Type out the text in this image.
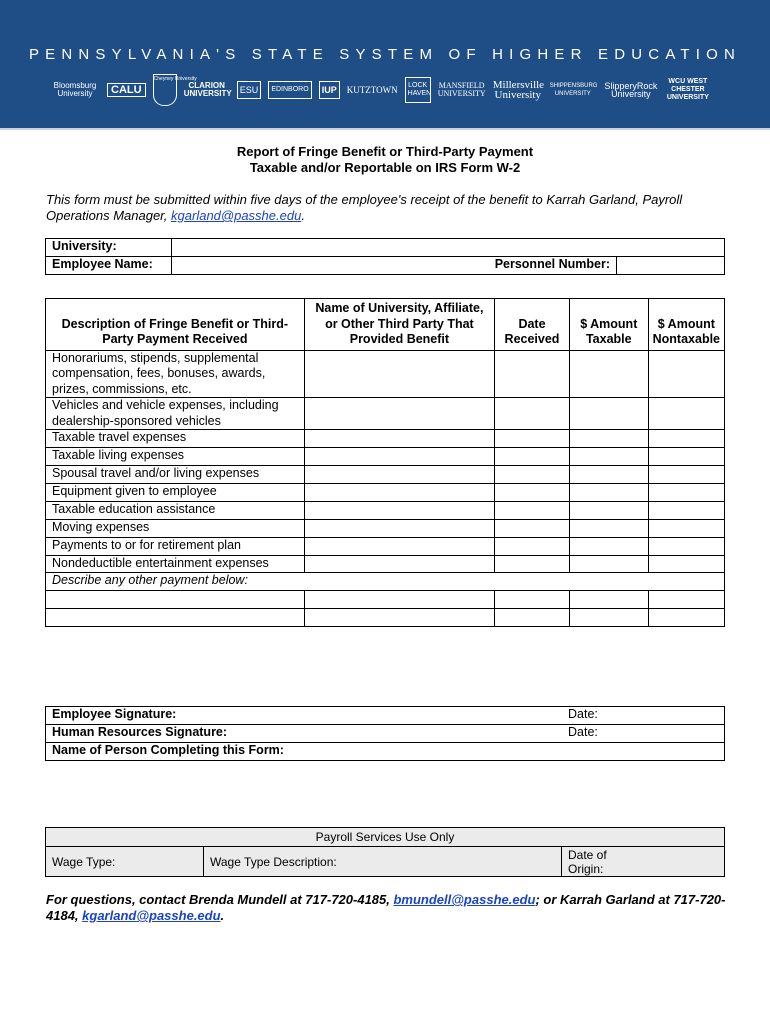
PENNSYLVANIA'S STATE SYSTEM OF HIGHER EDUCATION
Bloomsburg University	CALU
Cheyney University
CLARION UNIVERSITY ESU	EDINBORO	IUP	KUTZTOWN	LOCK HAVEN
MANSFIELD UNIVERSITY
Millersville University
SHIPPENSBURG UNIVERSITY
SlipperyRock University
WCU WEST CHESTER UNIVERSITY
Report of Fringe Benefit or Third-Party Payment
Taxable and/or Reportable on IRS Form W-2
This form must be submitted within five days of the employee's receipt of the benefit to Karrah Garland, Payroll Operations Manager, kgarland@passhe.edu.
University:		
Employee Name:	Personnel Number:	
Description of Fringe Benefit or Third-Party Payment Received	Name of University, Affiliate, or Other Third Party That Provided Benefit	Date Received	$ Amount Taxable	$ Amount Nontaxable
Honorariums, stipends, supplemental compensation, fees, bonuses, awards, prizes, commissions, etc.				
Vehicles and vehicle expenses, including dealership-sponsored vehicles				
Taxable travel expenses				
Taxable living expenses				
Spousal travel and/or living expenses				
Equipment given to employee				
Taxable education assistance				
Moving expenses				
Payments to or for retirement plan				
Nondeductible entertainment expenses				
Describe any other payment below:				

Employee Signature:	Date:
Human Resources Signature:	Date:
Name of Person Completing this Form:	
Payroll Services Use Only
Wage Type:	Wage Type Description:	Date of Origin:
For questions, contact Brenda Mundell at 717-720-4185, bmundell@passhe.edu; or Karrah Garland at 717-720-4184, kgarland@passhe.edu.
